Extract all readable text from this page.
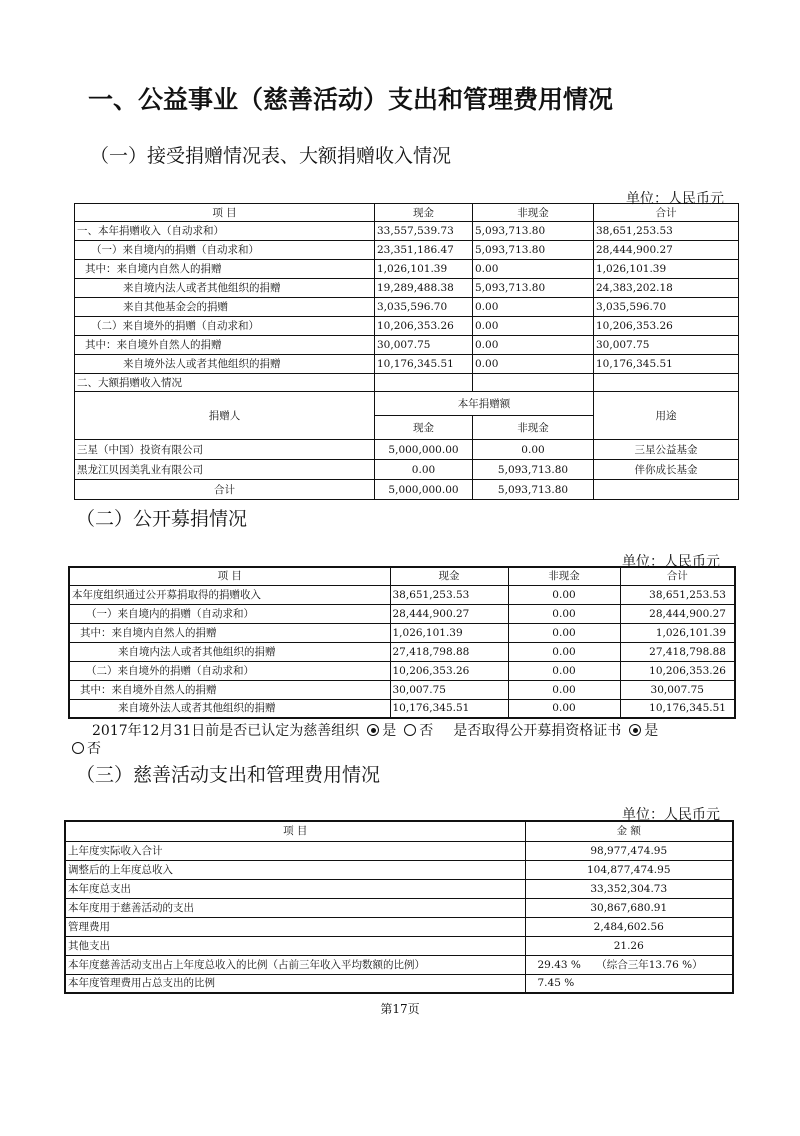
一、公益事业（慈善活动）支出和管理费用情况
（一）接受捐赠情况表、大额捐赠收入情况
单位：人民币元
项 目	现金	非现金	合计
一、本年捐赠收入（自动求和）	33,557,539.73	5,093,713.80	38,651,253.53
（一）来自境内的捐赠（自动求和）	23,351,186.47	5,093,713.80	28,444,900.27
其中：来自境内自然人的捐赠	1,026,101.39	0.00	1,026,101.39
来自境内法人或者其他组织的捐赠	19,289,488.38	5,093,713.80	24,383,202.18
来自其他基金会的捐赠	3,035,596.70	0.00	3,035,596.70
（二）来自境外的捐赠（自动求和）	10,206,353.26	0.00	10,206,353.26
其中：来自境外自然人的捐赠	30,007.75	0.00	30,007.75
来自境外法人或者其他组织的捐赠	10,176,345.51	0.00	10,176,345.51
二、大额捐赠收入情况			
捐赠人	本年捐赠额		用途
	现金	非现金	
三星（中国）投资有限公司	5,000,000.00	0.00	三星公益基金
黑龙江贝因美乳业有限公司	0.00	5,093,713.80	伴你成长基金
合计	5,000,000.00	5,093,713.80	
（二）公开募捐情况
单位：人民币元
项 目	现金	非现金	合计
本年度组织通过公开募捐取得的捐赠收入	38,651,253.53	0.00	38,651,253.53
（一）来自境内的捐赠（自动求和）	28,444,900.27	0.00	28,444,900.27
其中：来自境内自然人的捐赠	1,026,101.39	0.00	1,026,101.39
来自境内法人或者其他组织的捐赠	27,418,798.88	0.00	27,418,798.88
（二）来自境外的捐赠（自动求和）	10,206,353.26	0.00	10,206,353.26
其中：来自境外自然人的捐赠	30,007.75	0.00	30,007.75
来自境外法人或者其他组织的捐赠	10,176,345.51	0.00	10,176,345.51
2017年12月31日前是否已认定为慈善组织 是 否 是否取得公开募捐资格证书 是
否
（三）慈善活动支出和管理费用情况
单位：人民币元
项 目	金 额
上年度实际收入合计	98,977,474.95
调整后的上年度总收入	104,877,474.95
本年度总支出	33,352,304.73
本年度用于慈善活动的支出	30,867,680.91
管理费用	2,484,602.56
其他支出	21.26
本年度慈善活动支出占上年度总收入的比例（占前三年收入平均数额的比例）	29.43 % （综合三年13.76 %）
本年度管理费用占总支出的比例	7.45 %
第17页
